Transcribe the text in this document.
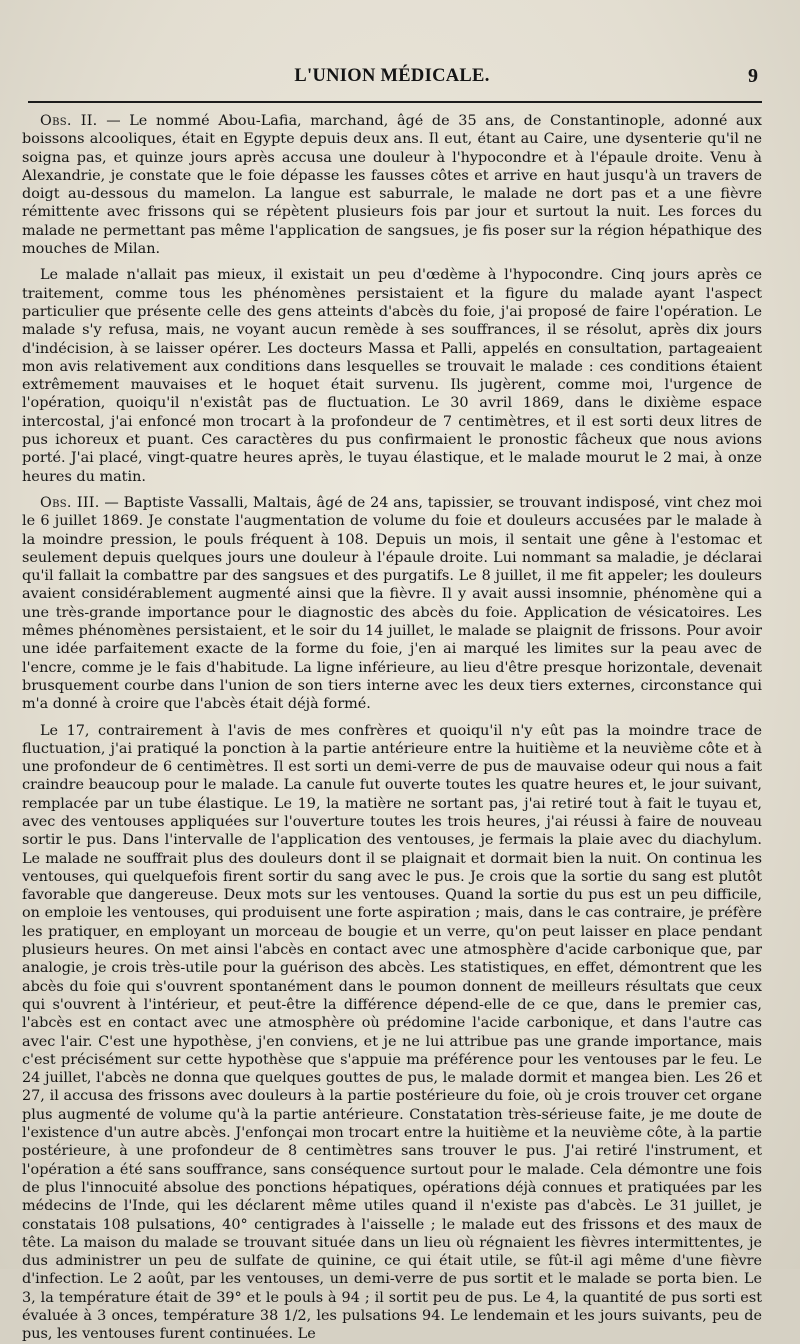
L'UNION MÉDICALE.	9

Obs. II. — Le nommé Abou-Lafia, marchand, âgé de 35 ans, de Constantinople, adonné aux boissons alcooliques, était en Egypte depuis deux ans. Il eut, étant au Caire, une dysenterie qu'il ne soigna pas, et quinze jours après accusa une douleur à l'hypocondre et à l'épaule droite. Venu à Alexandrie, je constate que le foie dépasse les fausses côtes et arrive en haut jusqu'à un travers de doigt au-dessous du mamelon. La langue est saburrale, le malade ne dort pas et a une fièvre rémittente avec frissons qui se répètent plusieurs fois par jour et surtout la nuit. Les forces du malade ne permettant pas même l'application de sangsues, je fis poser sur la région hépathique des mouches de Milan.

Le malade n'allait pas mieux, il existait un peu d'œdème à l'hypocondre. Cinq jours après ce traitement, comme tous les phénomènes persistaient et la figure du malade ayant l'aspect particulier que présente celle des gens atteints d'abcès du foie, j'ai proposé de faire l'opération. Le malade s'y refusa, mais, ne voyant aucun remède à ses souffrances, il se résolut, après dix jours d'indécision, à se laisser opérer. Les docteurs Massa et Palli, appelés en consultation, partageaient mon avis relativement aux conditions dans lesquelles se trouvait le malade : ces conditions étaient extrêmement mauvaises et le hoquet était survenu. Ils jugèrent, comme moi, l'urgence de l'opération, quoiqu'il n'existât pas de fluctuation. Le 30 avril 1869, dans le dixième espace intercostal, j'ai enfoncé mon trocart à la profondeur de 7 centimètres, et il est sorti deux litres de pus ichoreux et puant. Ces caractères du pus confirmaient le pronostic fâcheux que nous avions porté. J'ai placé, vingt-quatre heures après, le tuyau élastique, et le malade mourut le 2 mai, à onze heures du matin.

Obs. III. — Baptiste Vassalli, Maltais, âgé de 24 ans, tapissier, se trouvant indisposé, vint chez moi le 6 juillet 1869. Je constate l'augmentation de volume du foie et douleurs accusées par le malade à la moindre pression, le pouls fréquent à 108. Depuis un mois, il sentait une gêne à l'estomac et seulement depuis quelques jours une douleur à l'épaule droite. Lui nommant sa maladie, je déclarai qu'il fallait la combattre par des sangsues et des purgatifs. Le 8 juillet, il me fit appeler; les douleurs avaient considérablement augmenté ainsi que la fièvre. Il y avait aussi insomnie, phénomène qui a une très-grande importance pour le diagnostic des abcès du foie. Application de vésicatoires. Les mêmes phénomènes persistaient, et le soir du 14 juillet, le malade se plaignit de frissons. Pour avoir une idée parfaitement exacte de la forme du foie, j'en ai marqué les limites sur la peau avec de l'encre, comme je le fais d'habitude. La ligne inférieure, au lieu d'être presque horizontale, devenait brusquement courbe dans l'union de son tiers interne avec les deux tiers externes, circonstance qui m'a donné à croire que l'abcès était déjà formé.

Le 17, contrairement à l'avis de mes confrères et quoiqu'il n'y eût pas la moindre trace de fluctuation, j'ai pratiqué la ponction à la partie antérieure entre la huitième et la neuvième côte et à une profondeur de 6 centimètres. Il est sorti un demi-verre de pus de mauvaise odeur qui nous a fait craindre beaucoup pour le malade. La canule fut ouverte toutes les quatre heures et, le jour suivant, remplacée par un tube élastique. Le 19, la matière ne sortant pas, j'ai retiré tout à fait le tuyau et, avec des ventouses appliquées sur l'ouverture toutes les trois heures, j'ai réussi à faire de nouveau sortir le pus. Dans l'intervalle de l'application des ventouses, je fermais la plaie avec du diachylum. Le malade ne souffrait plus des douleurs dont il se plaignait et dormait bien la nuit. On continua les ventouses, qui quelquefois firent sortir du sang avec le pus. Je crois que la sortie du sang est plutôt favorable que dangereuse. Deux mots sur les ventouses. Quand la sortie du pus est un peu difficile, on emploie les ventouses, qui produisent une forte aspiration ; mais, dans le cas contraire, je préfère les pratiquer, en employant un morceau de bougie et un verre, qu'on peut laisser en place pendant plusieurs heures. On met ainsi l'abcès en contact avec une atmosphère d'acide carbonique que, par analogie, je crois très-utile pour la guérison des abcès. Les statistiques, en effet, démontrent que les abcès du foie qui s'ouvrent spontanément dans le poumon donnent de meilleurs résultats que ceux qui s'ouvrent à l'intérieur, et peut-être la différence dépend-elle de ce que, dans le premier cas, l'abcès est en contact avec une atmosphère où prédomine l'acide carbonique, et dans l'autre cas avec l'air. C'est une hypothèse, j'en conviens, et je ne lui attribue pas une grande importance, mais c'est précisément sur cette hypothèse que s'appuie ma préférence pour les ventouses par le feu. Le 24 juillet, l'abcès ne donna que quelques gouttes de pus, le malade dormit et mangea bien. Les 26 et 27, il accusa des frissons avec douleurs à la partie postérieure du foie, où je crois trouver cet organe plus augmenté de volume qu'à la partie antérieure. Constatation très-sérieuse faite, je me doute de l'existence d'un autre abcès. J'enfonçai mon trocart entre la huitième et la neuvième côte, à la partie postérieure, à une profondeur de 8 centimètres sans trouver le pus. J'ai retiré l'instrument, et l'opération a été sans souffrance, sans conséquence surtout pour le malade. Cela démontre une fois de plus l'innocuité absolue des ponctions hépatiques, opérations déjà connues et pratiquées par les médecins de l'Inde, qui les déclarent même utiles quand il n'existe pas d'abcès. Le 31 juillet, je constatais 108 pulsations, 40° centigrades à l'aisselle ; le malade eut des frissons et des maux de tête. La maison du malade se trouvant située dans un lieu où régnaient les fièvres intermittentes, je dus administrer un peu de sulfate de quinine, ce qui était utile, se fût-il agi même d'une fièvre d'infection. Le 2 août, par les ventouses, un demi-verre de pus sortit et le malade se porta bien. Le 3, la température était de 39° et le pouls à 94 ; il sortit peu de pus. Le 4, la quantité de pus sorti est évaluée à 3 onces, température 38 1/2, les pulsations 94. Le lendemain et les jours suivants, peu de pus, les ventouses furent continuées. Le
